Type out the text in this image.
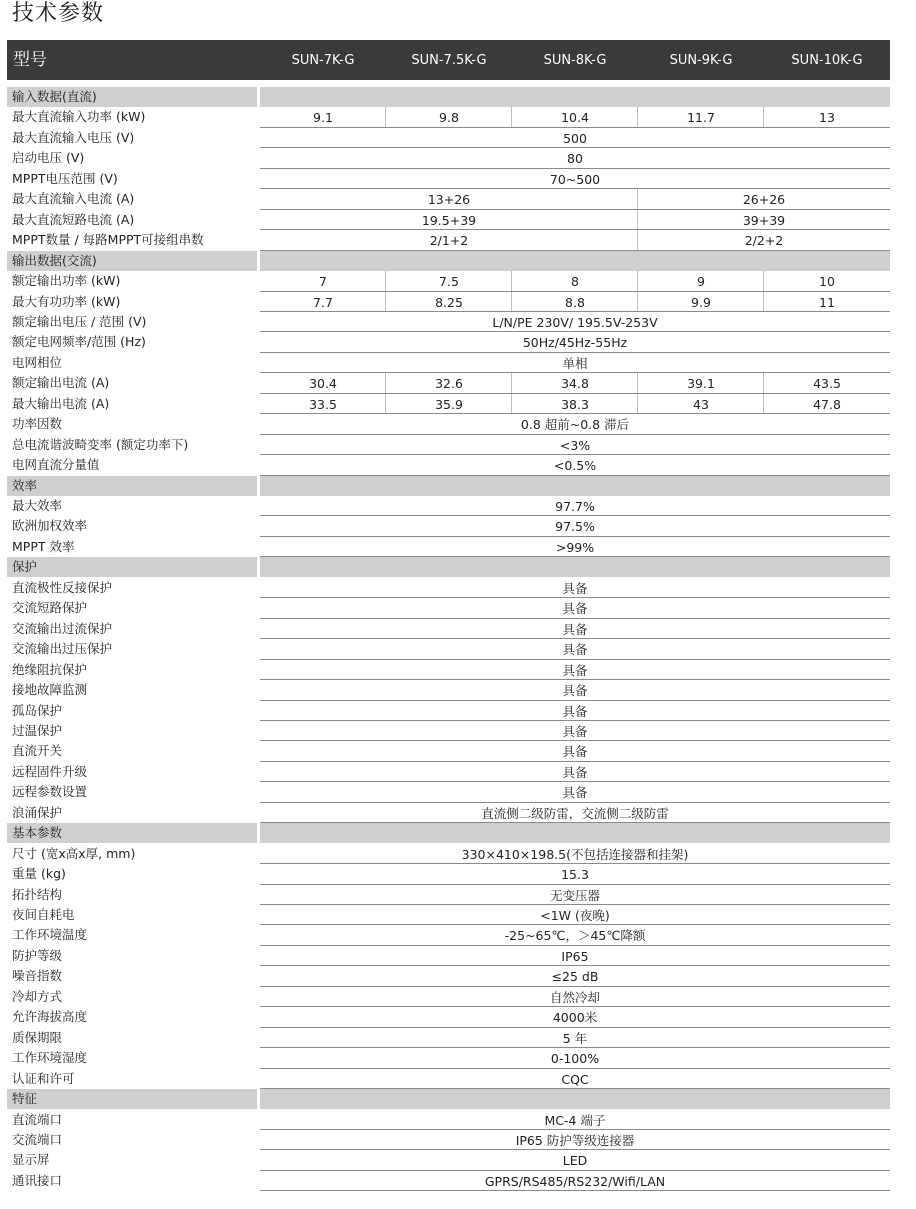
技术参数
型号	SUN-7K-G	SUN-7.5K-G	SUN-8K-G	SUN-9K-G	SUN-10K-G
输入数据(直流)
最大直流输入功率 (kW)	9.1	9.8	10.4	11.7	13
最大直流输入电压 (V)	500
启动电压 (V)	80
MPPT电压范围 (V)	70~500
最大直流输入电流 (A)	13+26	26+26
最大直流短路电流 (A)	19.5+39	39+39
MPPT数量 / 每路MPPT可接组串数	2/1+2	2/2+2
输出数据(交流)
额定输出功率 (kW)	7	7.5	8	9	10
最大有功功率 (kW)	7.7	8.25	8.8	9.9	11
额定输出电压 / 范围 (V)	L/N/PE 230V/ 195.5V-253V
额定电网频率/范围 (Hz)	50Hz/45Hz-55Hz
电网相位	单相
额定输出电流 (A)	30.4	32.6	34.8	39.1	43.5
最大输出电流 (A)	33.5	35.9	38.3	43	47.8
功率因数	0.8 超前~0.8 滞后
总电流谐波畸变率 (额定功率下)	<3%
电网直流分量值	<0.5%
效率
最大效率	97.7%
欧洲加权效率	97.5%
MPPT 效率	>99%
保护
直流极性反接保护	具备
交流短路保护	具备
交流输出过流保护	具备
交流输出过压保护	具备
绝缘阻抗保护	具备
接地故障监测	具备
孤岛保护	具备
过温保护	具备
直流开关	具备
远程固件升级	具备
远程参数设置	具备
浪涌保护	直流侧二级防雷，交流侧二级防雷
基本参数
尺寸 (宽x高x厚, mm)	330×410×198.5(不包括连接器和挂架)
重量 (kg)	15.3
拓扑结构	无变压器
夜间自耗电	<1W (夜晚)
工作环境温度	-25~65℃，＞45℃降额
防护等级	IP65
噪音指数	≤25 dB
冷却方式	自然冷却
允许海拔高度	4000米
质保期限	5 年
工作环境湿度	0-100%
认证和许可	CQC
特征
直流端口	MC-4 端子
交流端口	IP65 防护等级连接器
显示屏	LED
通讯接口	GPRS/RS485/RS232/Wifi/LAN
